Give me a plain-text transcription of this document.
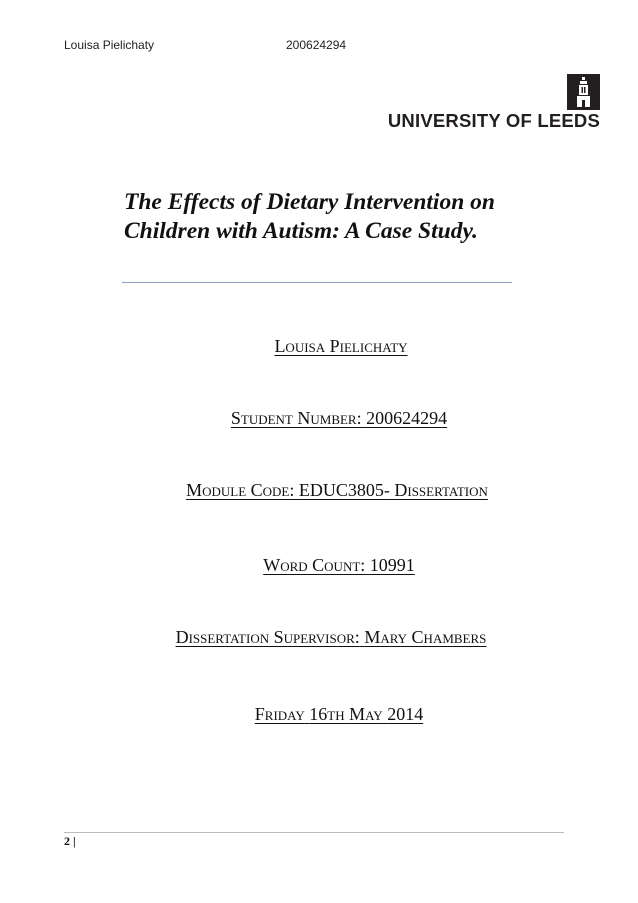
Louisa Pielichaty	200624294
UNIVERSITY OF LEEDS
The Effects of Dietary Intervention on Children with Autism: A Case Study.
Louisa Pielichaty
Student Number: 200624294
Module Code: EDUC3805- Dissertation
Word Count: 10991
Dissertation Supervisor: Mary Chambers
Friday 16th May 2014
2 |
